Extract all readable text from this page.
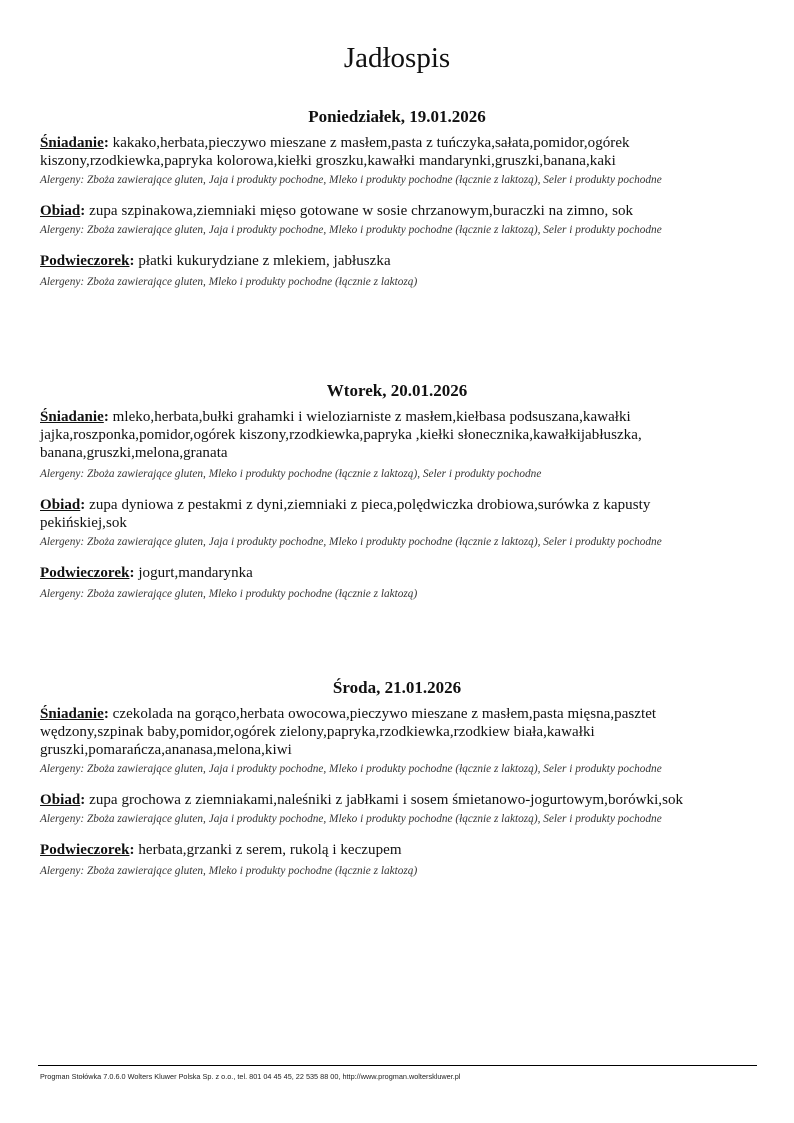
Jadłospis
Poniedziałek, 19.01.2026

Śniadanie: kakako,herbata,pieczywo mieszane z masłem,pasta z tuńczyka,sałata,pomidor,ogórek kiszony,rzodkiewka,papryka kolorowa,kiełki groszku,kawałki mandarynki,gruszki,banana,kaki

Alergeny: Zboża zawierające gluten, Jaja i produkty pochodne, Mleko i produkty pochodne (łącznie z laktozą), Seler i produkty pochodne

Obiad: zupa szpinakowa,ziemniaki mięso gotowane w sosie chrzanowym,buraczki na zimno, sok

Alergeny: Zboża zawierające gluten, Jaja i produkty pochodne, Mleko i produkty pochodne (łącznie z laktozą), Seler i produkty pochodne

Podwieczorek: płatki kukurydziane z mlekiem, jabłuszka

Alergeny: Zboża zawierające gluten, Mleko i produkty pochodne (łącznie z laktozą)

Wtorek, 20.01.2026

Śniadanie: mleko,herbata,bułki grahamki i wieloziarniste z masłem,kiełbasa podsuszana,kawałki jajka,roszponka,pomidor,ogórek kiszony,rzodkiewka,papryka ,kiełki słonecznika,kawałkijabłuszka, banana,gruszki,melona,granata

Alergeny: Zboża zawierające gluten, Mleko i produkty pochodne (łącznie z laktozą), Seler i produkty pochodne

Obiad: zupa dyniowa z pestakmi z dyni,ziemniaki z pieca,polędwiczka drobiowa,surówka z kapusty pekińskiej,sok

Alergeny: Zboża zawierające gluten, Jaja i produkty pochodne, Mleko i produkty pochodne (łącznie z laktozą), Seler i produkty pochodne

Podwieczorek: jogurt,mandarynka

Alergeny: Zboża zawierające gluten, Mleko i produkty pochodne (łącznie z laktozą)

Środa, 21.01.2026

Śniadanie: czekolada na gorąco,herbata owocowa,pieczywo mieszane z masłem,pasta mięsna,pasztet wędzony,szpinak baby,pomidor,ogórek zielony,papryka,rzodkiewka,rzodkiew biała,kawałki gruszki,pomarańcza,ananasa,melona,kiwi

Alergeny: Zboża zawierające gluten, Jaja i produkty pochodne, Mleko i produkty pochodne (łącznie z laktozą), Seler i produkty pochodne

Obiad: zupa grochowa z ziemniakami,naleśniki z jabłkami i sosem śmietanowo-jogurtowym,borówki,sok

Alergeny: Zboża zawierające gluten, Jaja i produkty pochodne, Mleko i produkty pochodne (łącznie z laktozą), Seler i produkty pochodne

Podwieczorek: herbata,grzanki z serem, rukolą i keczupem

Alergeny: Zboża zawierające gluten, Mleko i produkty pochodne (łącznie z laktozą)

Progman Stołówka 7.0.6.0 Wolters Kluwer Polska Sp. z o.o., tel. 801 04 45 45, 22 535 88 00, http://www.progman.wolterskluwer.pl
